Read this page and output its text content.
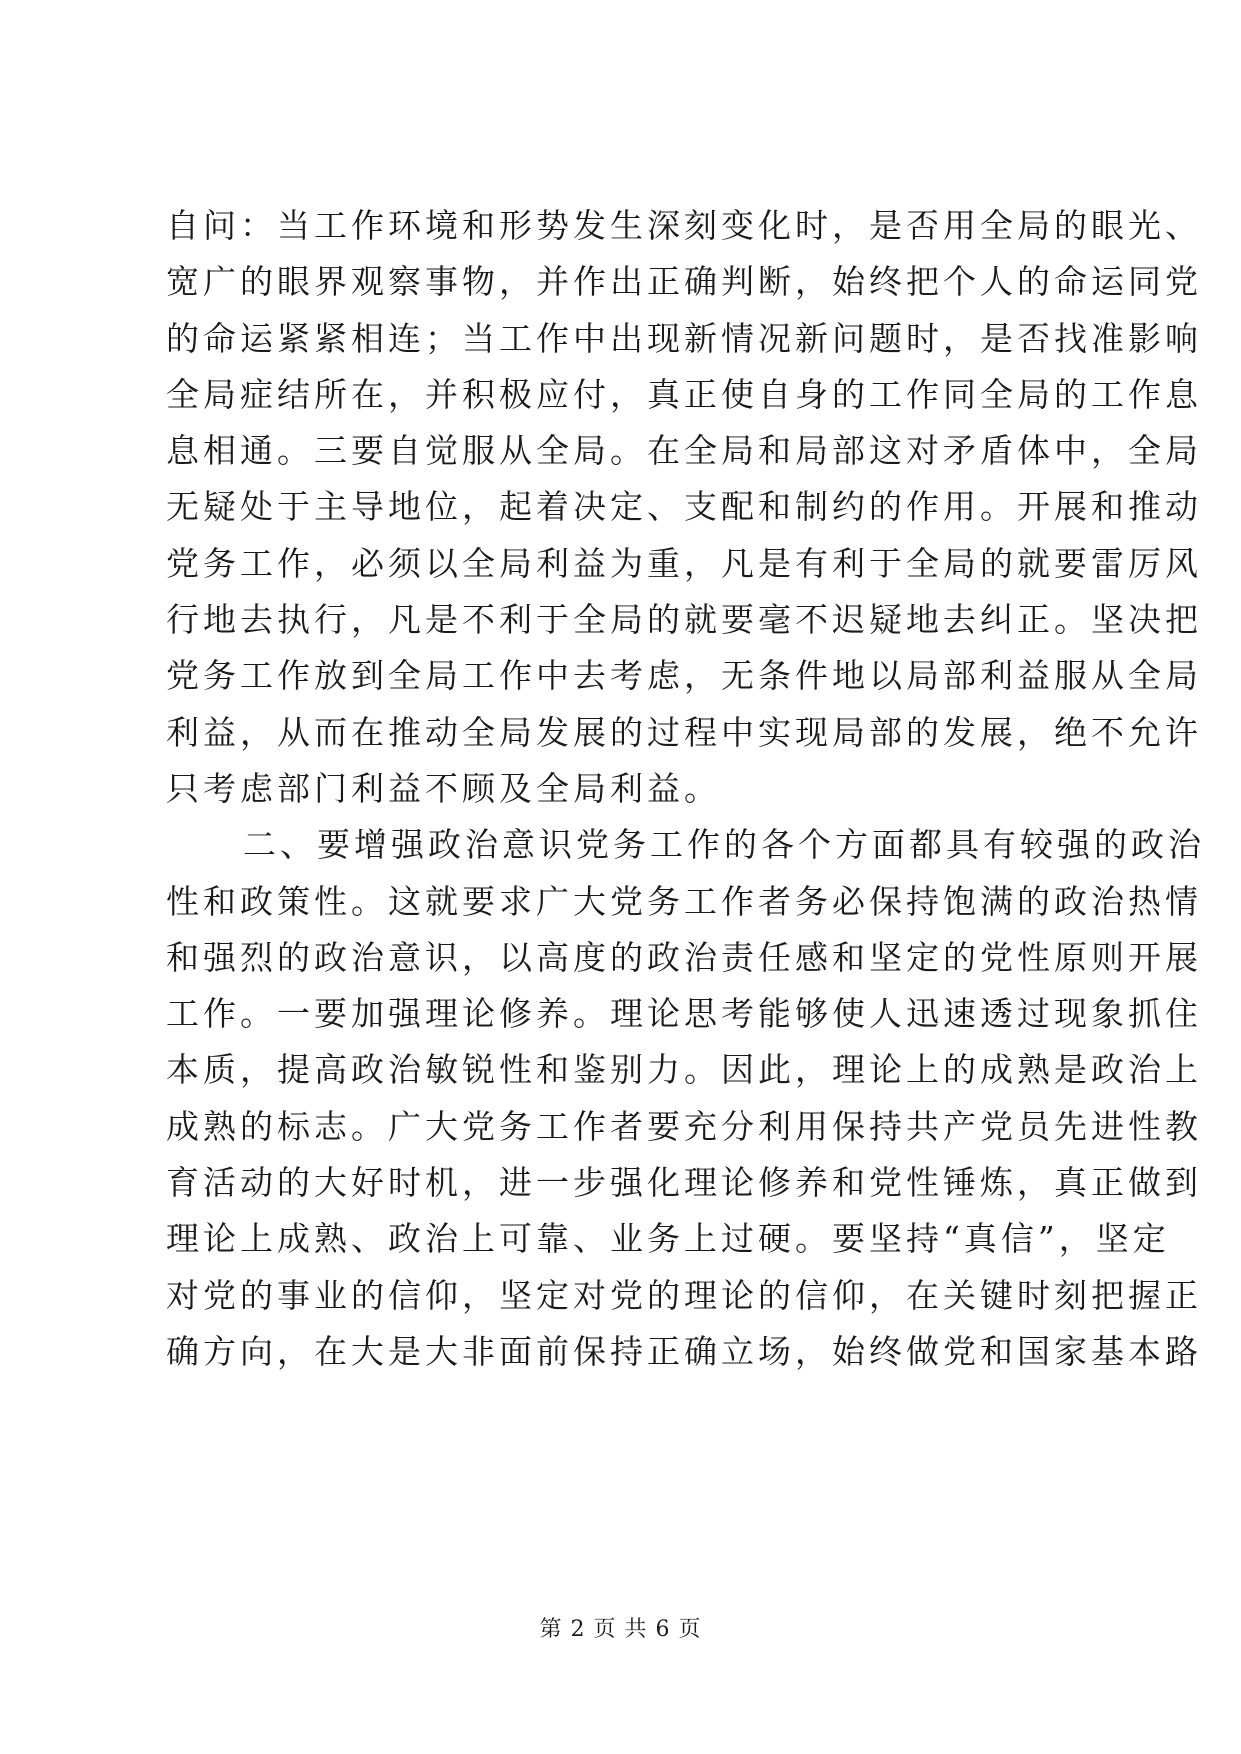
自问：当工作环境和形势发生深刻变化时，是否用全局的眼光、
宽广的眼界观察事物，并作出正确判断，始终把个人的命运同党
的命运紧紧相连；当工作中出现新情况新问题时，是否找准影响
全局症结所在，并积极应付，真正使自身的工作同全局的工作息
息相通。三要自觉服从全局。在全局和局部这对矛盾体中，全局
无疑处于主导地位，起着决定、支配和制约的作用。开展和推动
党务工作，必须以全局利益为重，凡是有利于全局的就要雷厉风
行地去执行，凡是不利于全局的就要毫不迟疑地去纠正。坚决把
党务工作放到全局工作中去考虑，无条件地以局部利益服从全局
利益，从而在推动全局发展的过程中实现局部的发展，绝不允许
只考虑部门利益不顾及全局利益。
二、要增强政治意识党务工作的各个方面都具有较强的政治
性和政策性。这就要求广大党务工作者务必保持饱满的政治热情
和强烈的政治意识，以高度的政治责任感和坚定的党性原则开展
工作。一要加强理论修养。理论思考能够使人迅速透过现象抓住
本质，提高政治敏锐性和鉴别力。因此，理论上的成熟是政治上
成熟的标志。广大党务工作者要充分利用保持共产党员先进性教
育活动的大好时机，进一步强化理论修养和党性锤炼，真正做到
理论上成熟、政治上可靠、业务上过硬。要坚持“真信”，坚定
对党的事业的信仰，坚定对党的理论的信仰，在关键时刻把握正
确方向，在大是大非面前保持正确立场，始终做党和国家基本路
第 2 页 共 6 页
